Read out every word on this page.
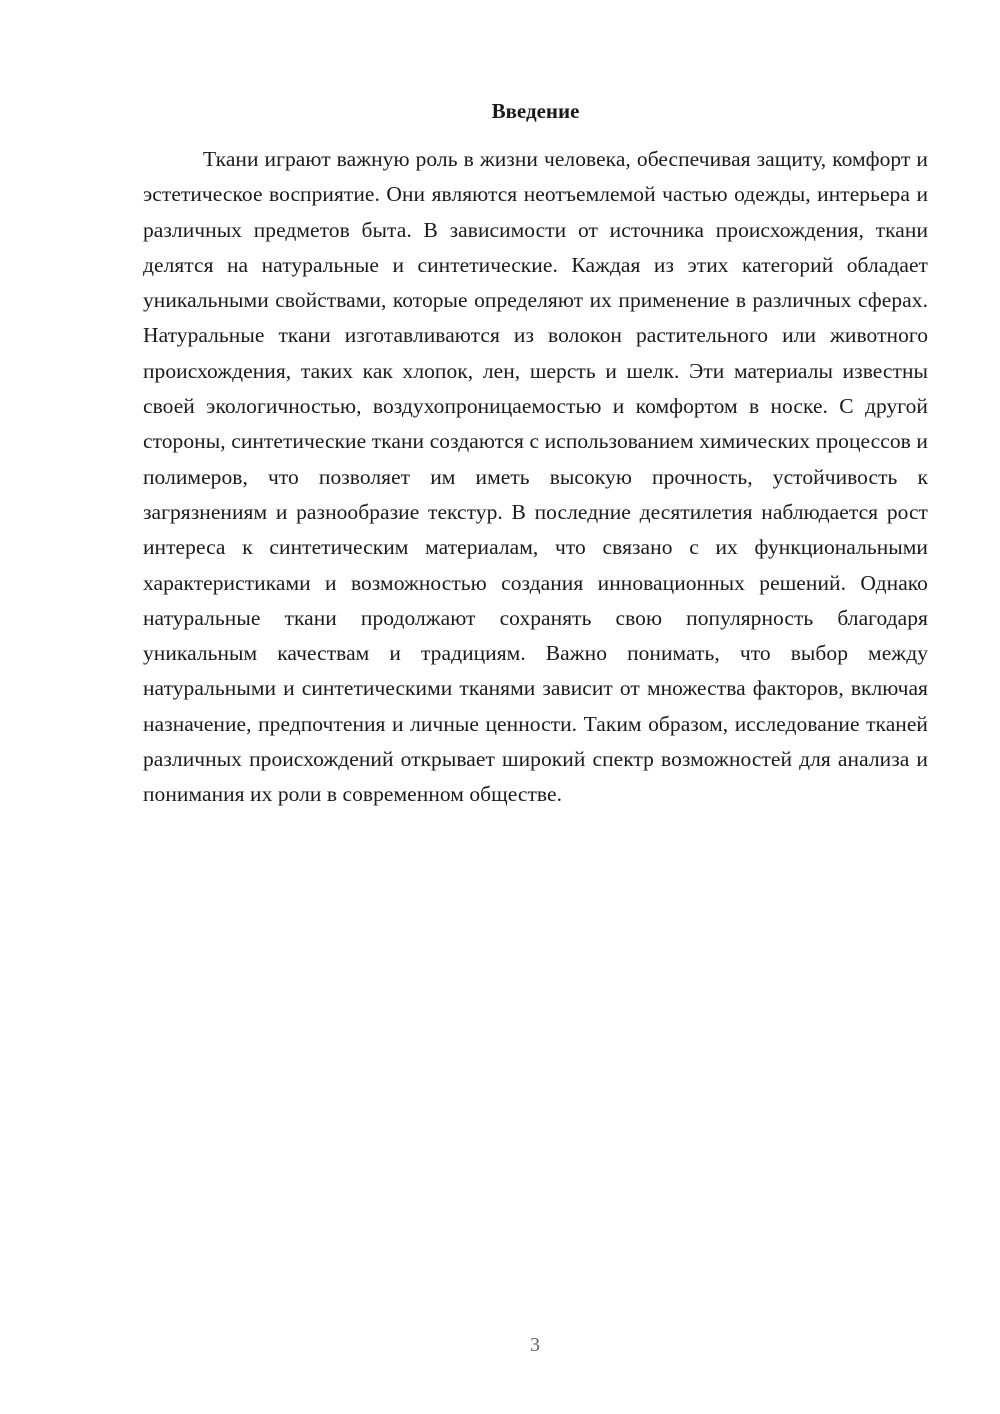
Введение

Ткани играют важную роль в жизни человека, обеспечивая защиту, комфорт и эстетическое восприятие. Они являются неотъемлемой частью одежды, интерьера и различных предметов быта. В зависимости от источника происхождения, ткани делятся на натуральные и синтетические. Каждая из этих категорий обладает уникальными свойствами, которые определяют их применение в различных сферах. Натуральные ткани изготавливаются из волокон растительного или животного происхождения, таких как хлопок, лен, шерсть и шелк. Эти материалы известны своей экологичностью, воздухопроницаемостью и комфортом в носке. С другой стороны, синтетические ткани создаются с использованием химических процессов и полимеров, что позволяет им иметь высокую прочность, устойчивость к загрязнениям и разнообразие текстур. В последние десятилетия наблюдается рост интереса к синтетическим материалам, что связано с их функциональными характеристиками и возможностью создания инновационных решений. Однако натуральные ткани продолжают сохранять свою популярность благодаря уникальным качествам и традициям. Важно понимать, что выбор между натуральными и синтетическими тканями зависит от множества факторов, включая назначение, предпочтения и личные ценности. Таким образом, исследование тканей различных происхождений открывает широкий спектр возможностей для анализа и понимания их роли в современном обществе.

3
